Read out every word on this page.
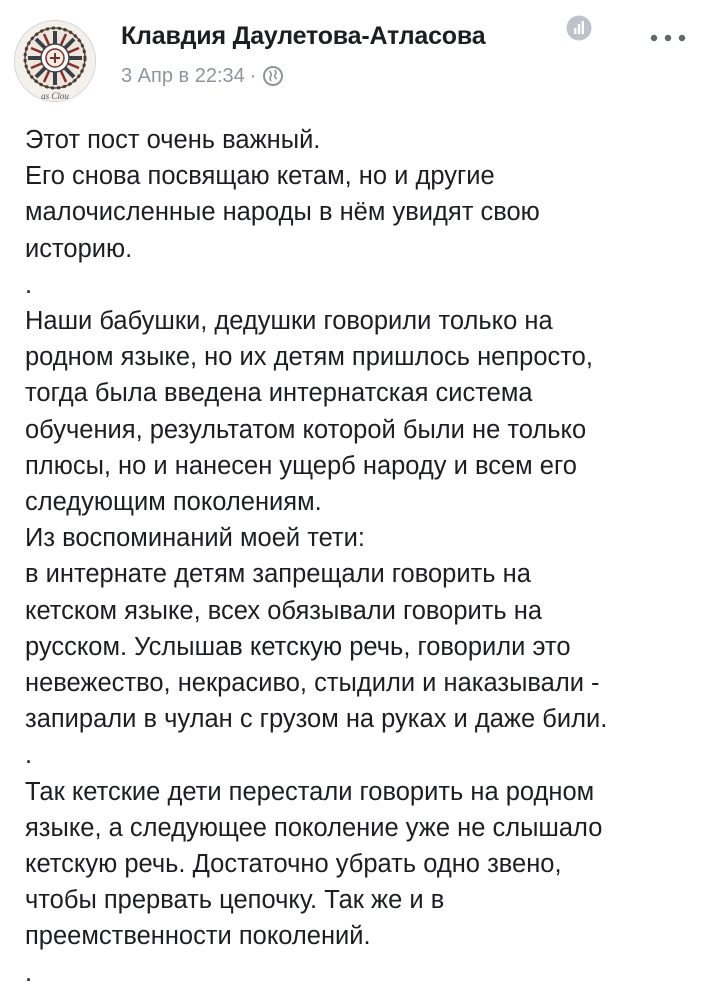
as Clou
Клавдия Даулетова-Атласова
3 Апр в 22:34 ·

Этот пост очень важный.

Его снова посвящаю кетам, но и другие

малочисленные народы в нём увидят свою

историю.

.

Наши бабушки, дедушки говорили только на

родном языке, но их детям пришлось непросто,

тогда была введена интернатская система

обучения, результатом которой были не только

плюсы, но и нанесен ущерб народу и всем его

следующим поколениям.

Из воспоминаний моей тети:

в интернате детям запрещали говорить на

кетском языке, всех обязывали говорить на

русском. Услышав кетскую речь, говорили это

невежество, некрасиво, стыдили и наказывали -

запирали в чулан с грузом на руках и даже били.

.

Так кетские дети перестали говорить на родном

языке, а следующее поколение уже не слышало

кетскую речь. Достаточно убрать одно звено,

чтобы прервать цепочку. Так же и в

преемственности поколений.

.
